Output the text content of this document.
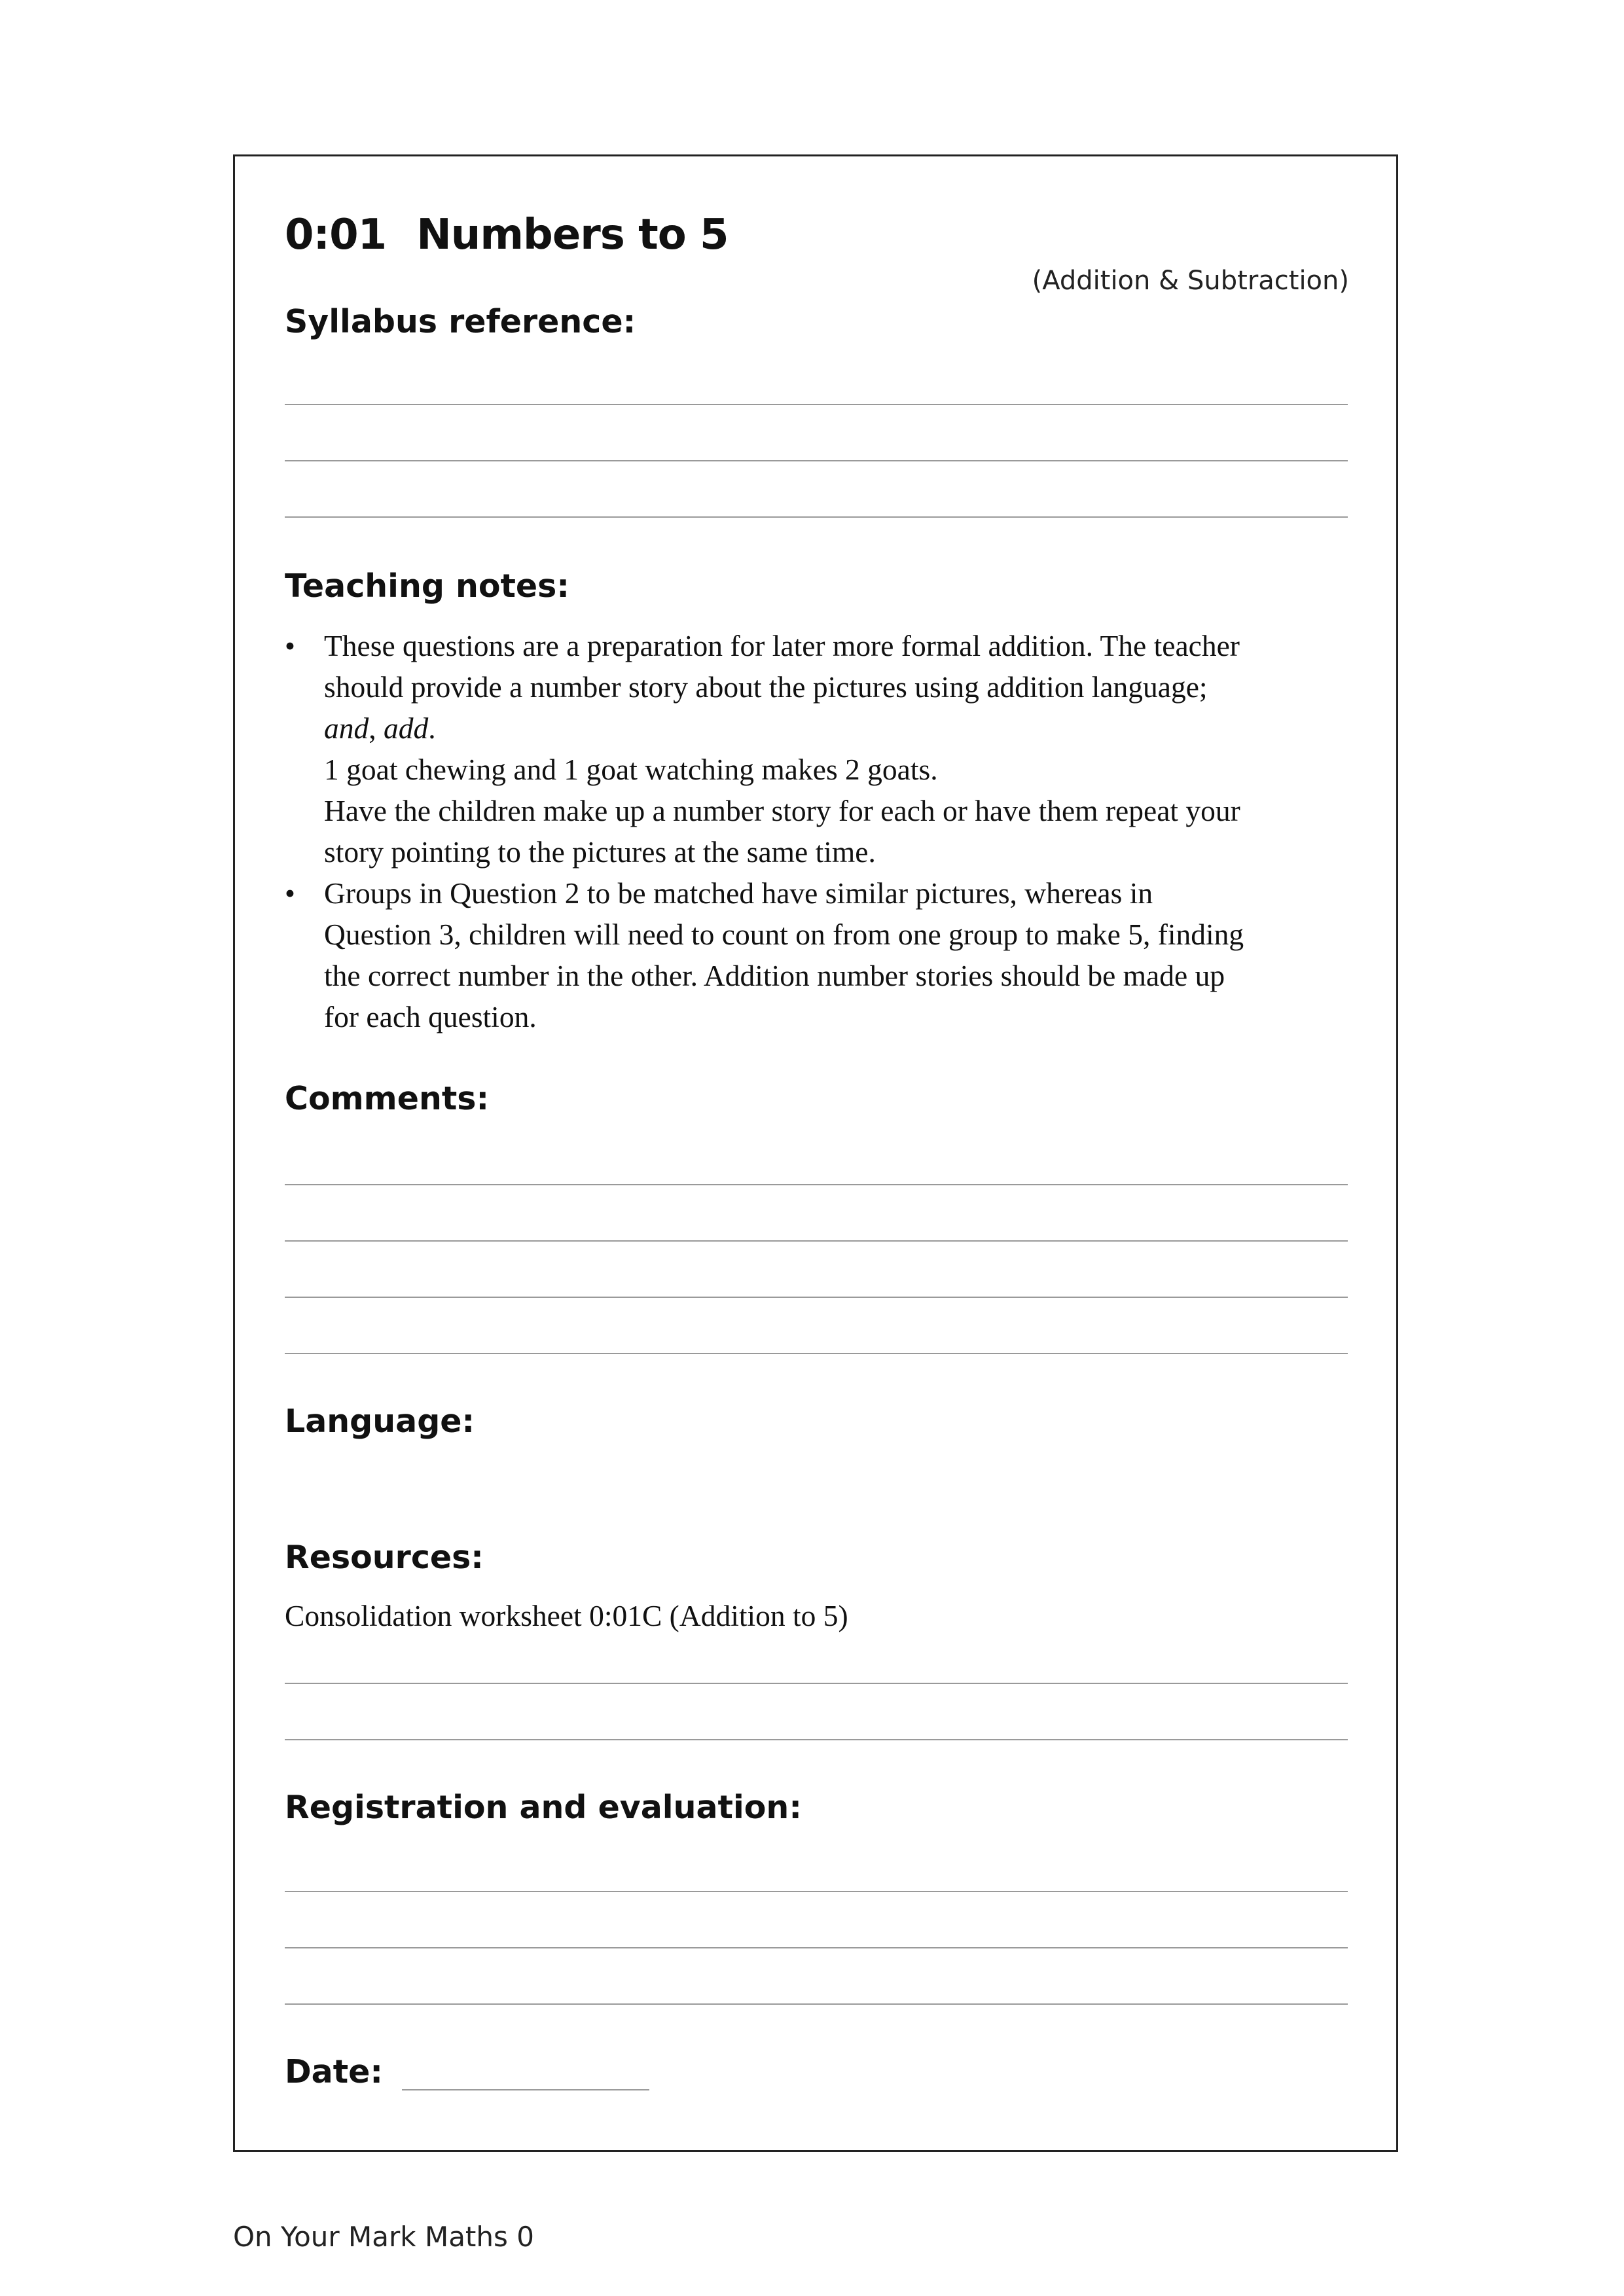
0:01 Numbers to 5
(Addition & Subtraction)
Syllabus reference:
Teaching notes:
• These questions are a preparation for later more formal addition. The teacher
should provide a number story about the pictures using addition language;
and, add.
1 goat chewing and 1 goat watching makes 2 goats.
Have the children make up a number story for each or have them repeat your
story pointing to the pictures at the same time.
• Groups in Question 2 to be matched have similar pictures, whereas in
Question 3, children will need to count on from one group to make 5, finding
the correct number in the other. Addition number stories should be made up
for each question.
Comments:
Language:
Resources:
Consolidation worksheet 0:01C (Addition to 5)
Registration and evaluation:
Date:
On Your Mark Maths 0
